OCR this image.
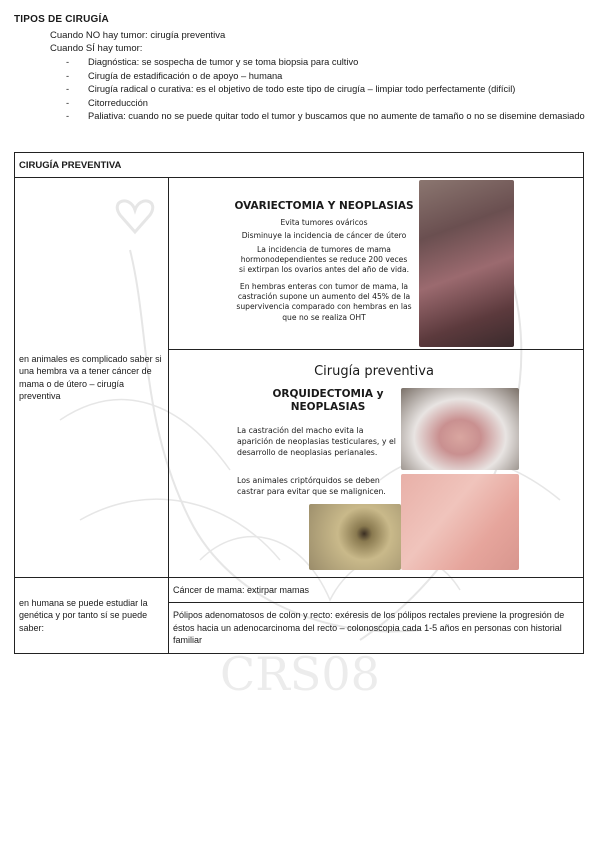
CRS08
TIPOS DE CIRUGÍA
Cuando NO hay tumor: cirugía preventiva
Cuando SÍ hay tumor:
- Diagnóstica: se sospecha de tumor y se toma biopsia para cultivo
- Cirugía de estadificación o de apoyo – humana
- Cirugía radical o curativa: es el objetivo de todo este tipo de cirugía – limpiar todo perfectamente (difícil)
- Citorreducción
- Paliativa: cuando no se puede quitar todo el tumor y buscamos que no aumente de tamaño o no se disemine demasiado
CIRUGÍA PREVENTIVA	
en animales es complicado saber si una hembra va a tener cáncer de mama o de útero – cirugía preventiva	OVARIECTOMIA Y NEOPLASIAS
Evita tumores ováricos
Disminuye la incidencia de cáncer de útero
La incidencia de tumores de mama hormonodependientes se reduce 200 veces si extirpan los ovarios antes del año de vida.
En hembras enteras con tumor de mama, la castración supone un aumento del 45% de la supervivencia comparado con hembras en las que no se realiza OHT

	Cirugía preventiva
ORQUIDECTOMIA y NEOPLASIAS
La castración del macho evita la aparición de neoplasias testiculares, y el desarrollo de neoplasias perianales.
Los animales criptórquidos se deben castrar para evitar que se malignicen.

en humana se puede estudiar la genética y por tanto sí se puede saber:	Cáncer de mama: extirpar mamas
	Pólipos adenomatosos de colon y recto: exéresis de los pólipos rectales previene la progresión de éstos hacia un adenocarcinoma del recto – colonoscopia cada 1-5 años en personas con historial familiar
